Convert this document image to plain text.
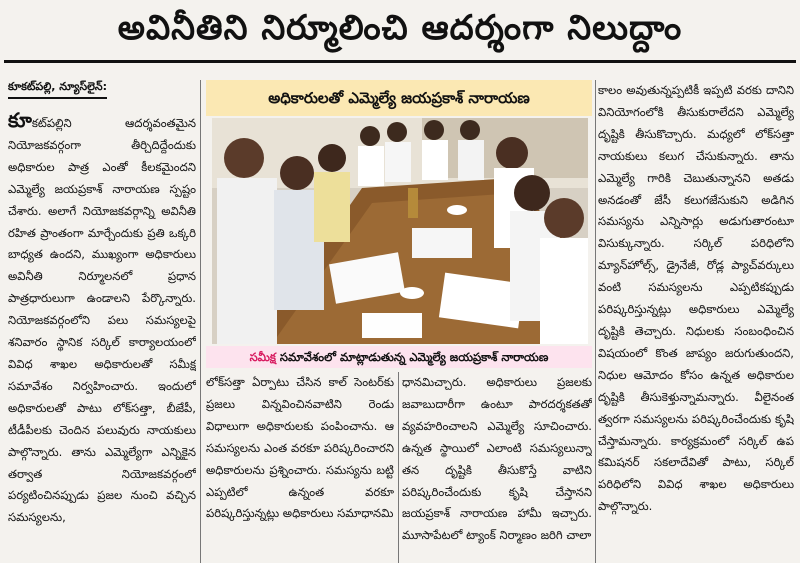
అవినీతిని నిర్మూలించి ఆదర్శంగా నిలుద్దాం
కూకట్‌పల్లి, న్యూస్‌లైన్:

కూకట్‌పల్లిని ఆదర్శవంతమైన నియోజకవర్గంగా తీర్చిదిద్దేందుకు అధికారుల పాత్ర ఎంతో కీలకమైందని ఎమ్మెల్యే జయప్రకాశ్ నారాయణ స్పష్టం చేశారు. అలాగే నియోజకవర్గాన్ని అవినీతి రహిత ప్రాంతంగా మార్చేందుకు ప్రతి ఒక్కరి బాధ్యత ఉందని, ముఖ్యంగా అధికారులు అవినీతి నిర్మూలనలో ప్రధాన పాత్రధారులుగా ఉండాలని పేర్కొన్నారు. నియోజకవర్గంలోని పలు సమస్యలపై శనివారం స్థానిక సర్కిల్ కార్యాలయంలో వివిధ శాఖల అధికారులతో సమీక్ష సమావేశం నిర్వహించారు. ఇందులో అధికారులతో పాటు లోక్‌సత్తా, బీజేపీ, టీడీపీలకు చెందిన పలువురు నాయకులు పాల్గొన్నారు. తాను ఎమ్మెల్యేగా ఎన్నికైన తర్వాత నియోజకవర్గంలో పర్యటించినప్పుడు ప్రజల నుంచి వచ్చిన సమస్యలను,

అధికారులతో ఎమ్మెల్యే జయప్రకాశ్ నారాయణ
సమీక్ష సమావేశంలో మాట్లాడుతున్న ఎమ్మెల్యే జయప్రకాశ్ నారాయణ

లోక్‌సత్తా ఏర్పాటు చేసిన కాల్ సెంటర్‌కు ప్రజలు విన్నవించినవాటిని రెండు విధాలుగా అధికారులకు పంపించాను. ఆ సమస్యలను ఎంత వరకూ పరిష్కరించారని అధికారులను ప్రశ్నించారు. సమస్యను బట్టి ఎప్పటిలో ఉన్నంత వరకూ పరిష్కరిస్తున్నట్లు అధికారులు సమాధానమి

ధానమిచ్చారు. అధికారులు ప్రజలకు జవాబుదారీగా ఉంటూ పారదర్శకతతో వ్యవహరించాలని ఎమ్మెల్యే సూచించారు. ఉన్నత స్థాయిలో ఎలాంటి సమస్యలున్నా తన దృష్టికి తీసుకొస్తే వాటిని పరిష్కరించేందుకు కృషి చేస్తానని జయప్రకాశ్ నారాయణ హామీ ఇచ్చారు. మూసాపేటలో ట్యాంక్ నిర్మాణం జరిగి చాలా

కాలం అవుతున్నప్పటికీ ఇప్పటి వరకు దానిని వినియోగంలోకి తీసుకురాలేదని ఎమ్మెల్యే దృష్టికి తీసుకొచ్చారు. మధ్యలో లోక్‌సత్తా నాయకులు కలుగ చేసుకున్నారు. తాను ఎమ్మెల్యే గారికి చెబుతున్నానని అతడు అనడంతో జేసీ కలుగజేసుకుని అడిగిన సమస్యను ఎన్నిసార్లు అడుగుతారంటూ విసుక్కున్నారు. సర్కిల్ పరిధిలోని మ్యాన్‌హోల్స్, డ్రైనేజీ, రోడ్ల ప్యాచ్‌వర్కులు వంటి సమస్యలను ఎప్పటికప్పుడు పరిష్కరిస్తున్నట్లు అధికారులు ఎమ్మెల్యే దృష్టికి తెచ్చారు. నిధులకు సంబంధించిన విషయంలో కొంత జాప్యం జరుగుతుందని, నిధుల ఆమోదం కోసం ఉన్నత అధికారుల దృష్టికి తీసుకెళ్తున్నామన్నారు. వీలైనంత త్వరగా సమస్యలను పరిష్కరించేందుకు కృషి చేస్తామన్నారు. కార్యక్రమంలో సర్కిల్ ఉప కమిషనర్ సకలాదేవితో పాటు, సర్కిల్ పరిధిలోని వివిధ శాఖల అధికారులు పాల్గొన్నారు.
